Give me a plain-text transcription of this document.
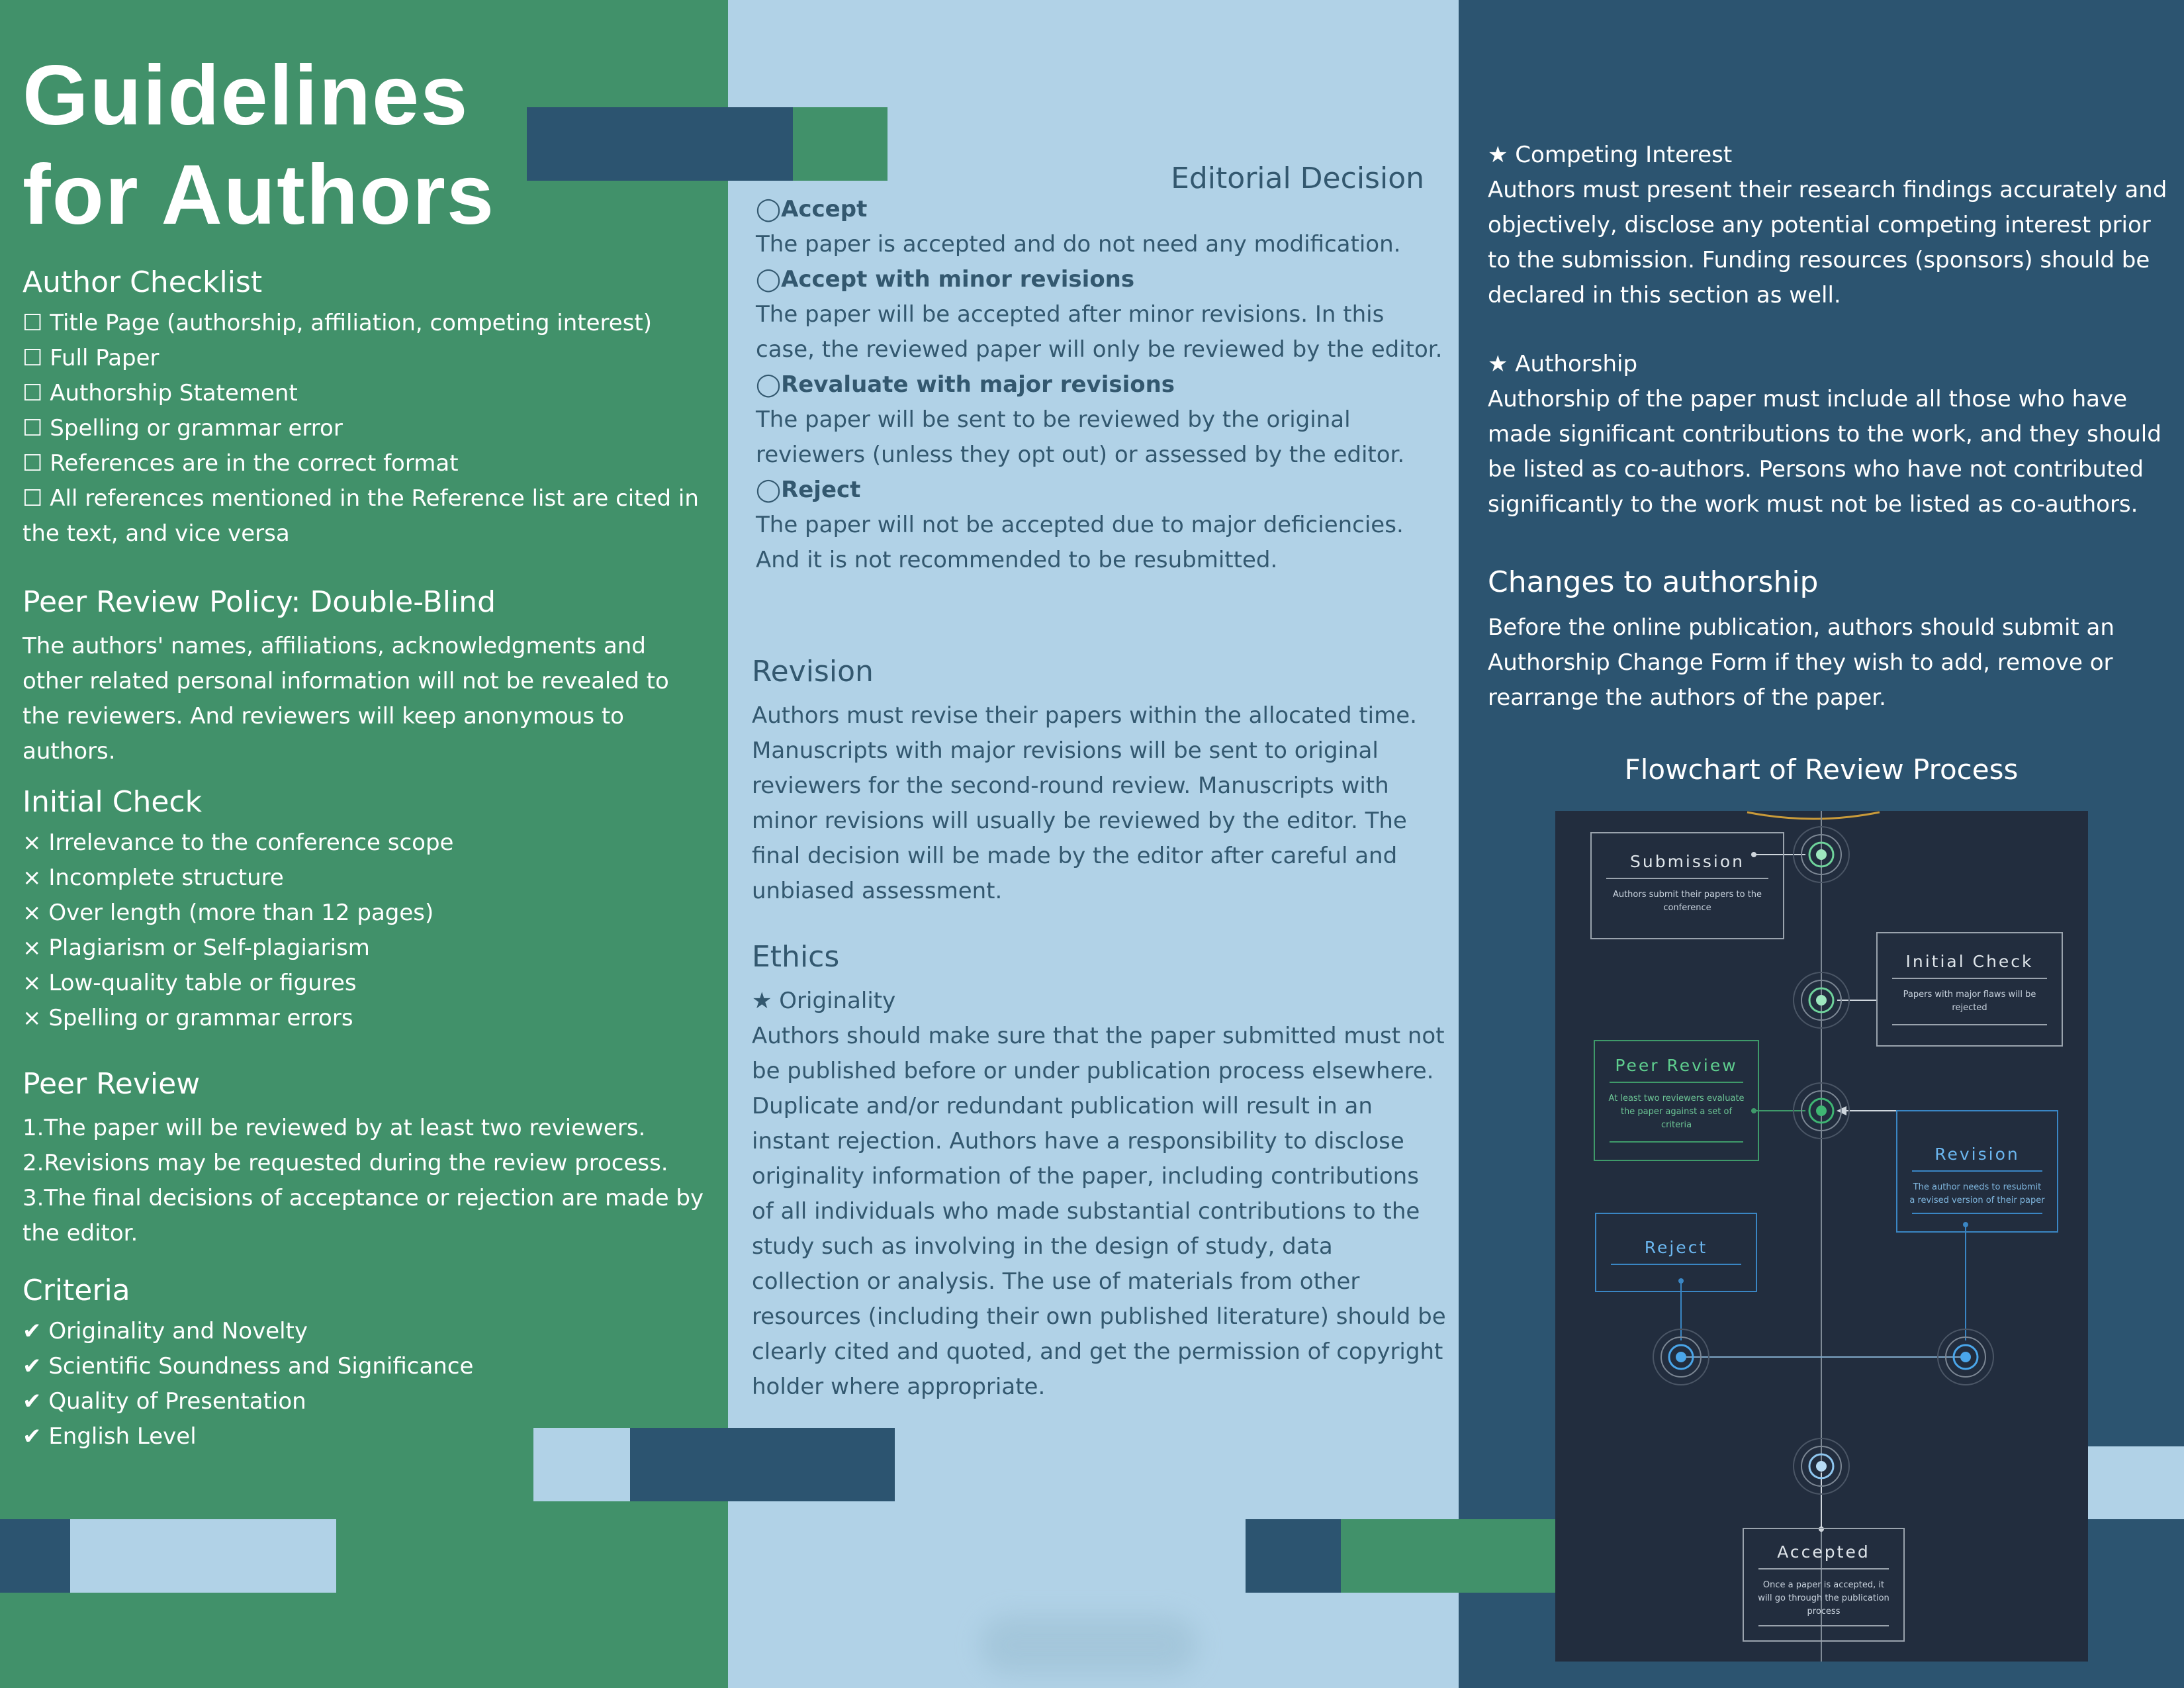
Guidelines
for Authors
Author Checklist
☐ Title Page (authorship, affiliation, competing interest)
☐ Full Paper
☐ Authorship Statement
☐ Spelling or grammar error
☐ References are in the correct format
☐ All references mentioned in the Reference list are cited in the text, and vice versa
Peer Review Policy: Double-Blind

The authors' names, affiliations, acknowledgments and other related personal information will not be revealed to the reviewers. And reviewers will keep anonymous to authors.

Initial Check
× Irrelevance to the conference scope
× Incomplete structure
× Over length (more than 12 pages)
× Plagiarism or Self-plagiarism
× Low-quality table or figures
× Spelling or grammar errors
Peer Review

1.The paper will be reviewed by at least two reviewers.

2.Revisions may be requested during the review process.

3.The final decisions of acceptance or rejection are made by the editor.

Criteria
✔ Originality and Novelty
✔ Scientific Soundness and Significance
✔ Quality of Presentation
✔ English Level
Editorial Decision

◯Accept

The paper is accepted and do not need any modification.

◯Accept with minor revisions

The paper will be accepted after minor revisions. In this case, the reviewed paper will only be reviewed by the editor.

◯Revaluate with major revisions

The paper will be sent to be reviewed by the original reviewers (unless they opt out) or assessed by the editor.

◯Reject

The paper will not be accepted due to major deficiencies. And it is not recommended to be resubmitted.

Revision

Authors must revise their papers within the allocated time. Manuscripts with major revisions will be sent to original reviewers for the second-round review. Manuscripts with minor revisions will usually be reviewed by the editor. The final decision will be made by the editor after careful and unbiased assessment.

Ethics

★ Originality

Authors should make sure that the paper submitted must not be published before or under publication process elsewhere. Duplicate and/or redundant publication will result in an instant rejection. Authors have a responsibility to disclose originality information of the paper, including contributions of all individuals who made substantial contributions to the study such as involving in the design of study, data collection or analysis. The use of materials from other resources (including their own published literature) should be clearly cited and quoted, and get the permission of copyright holder where appropriate.

★ Competing Interest

Authors must present their research findings accurately and objectively, disclose any potential competing interest prior to the submission. Funding resources (sponsors) should be declared in this section as well.

★ Authorship

Authorship of the paper must include all those who have made significant contributions to the work, and they should be listed as co-authors. Persons who have not contributed significantly to the work must not be listed as co-authors.

Changes to authorship

Before the online publication, authors should submit an Authorship Change Form if they wish to add, remove or rearrange the authors of the paper.

Flowchart of Review Process
Submission
Authors submit their papers to the conference
Initial Check
Papers with major flaws will be rejected
Peer Review
At least two reviewers evaluate the paper against a set of criteria
Revision
The author needs to resubmit a revised version of their paper
Reject
Accepted
Once a paper is accepted, it will go through the publication process
